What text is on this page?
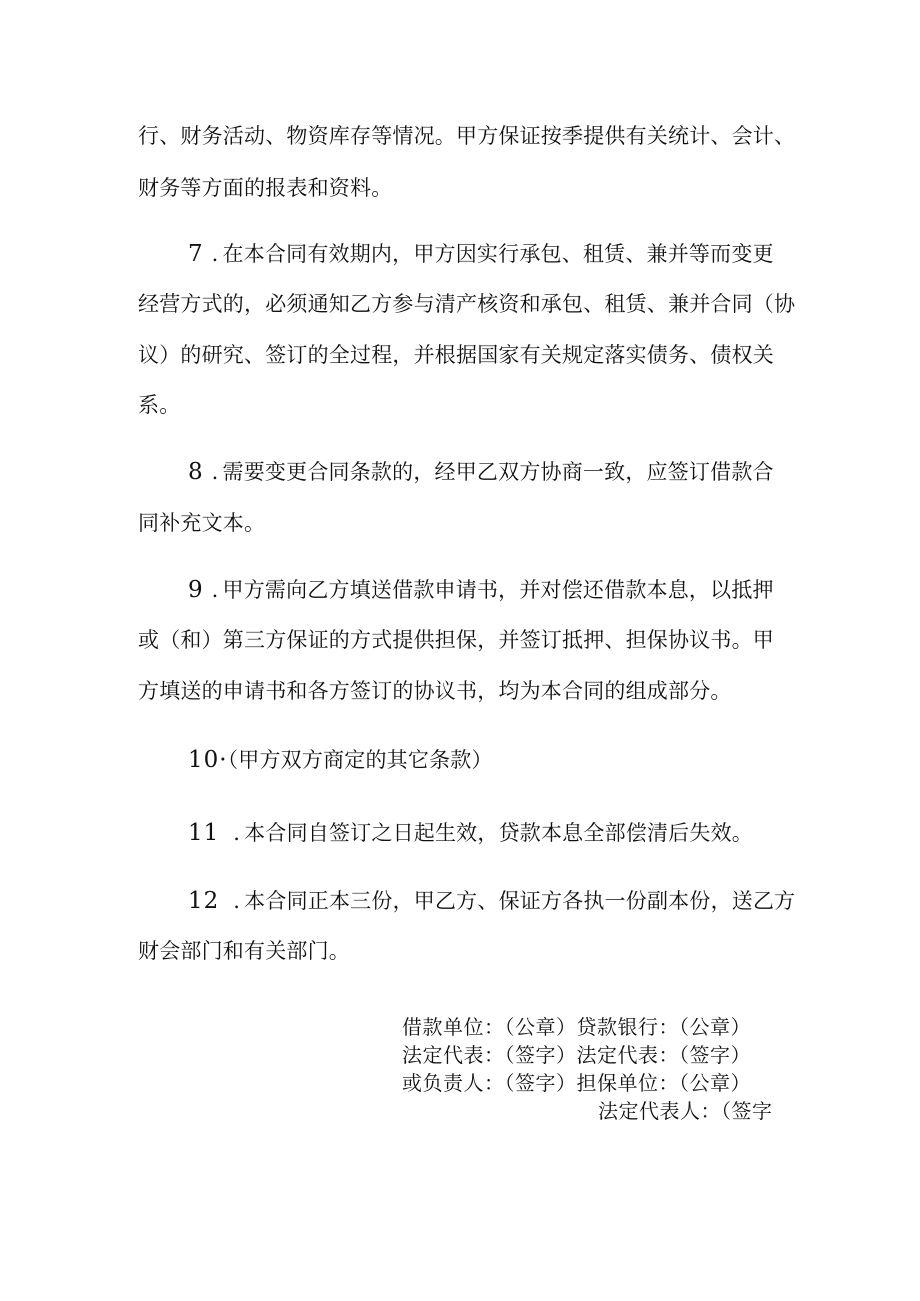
行、财务活动、物资库存等情况。甲方保证按季提供有关统计、会计、
财务等方面的报表和资料。
7 . 在本合同有效期内，甲方因实行承包、租赁、兼并等而变更
经营方式的，必须通知乙方参与清产核资和承包、租赁、兼并合同（协
议）的研究、签订的全过程，并根据国家有关规定落实债务、债权关
系。
8 . 需要变更合同条款的，经甲乙双方协商一致，应签订借款合
同补充文本。
9 . 甲方需向乙方填送借款申请书，并对偿还借款本息，以抵押
或（和）第三方保证的方式提供担保，并签订抵押、担保协议书。甲
方填送的申请书和各方签订的协议书，均为本合同的组成部分。
10·（甲方双方商定的其它条款）
11 . 本合同自签订之日起生效，贷款本息全部偿清后失效。
12 . 本合同正本三份，甲乙方、保证方各执一份副本份，送乙方
财会部门和有关部门。
借款单位：（公章）贷款银行：（公章）
法定代表：（签字）法定代表：（签字）
或负责人：（签字）担保单位：（公章）
法定代表人：（签字
